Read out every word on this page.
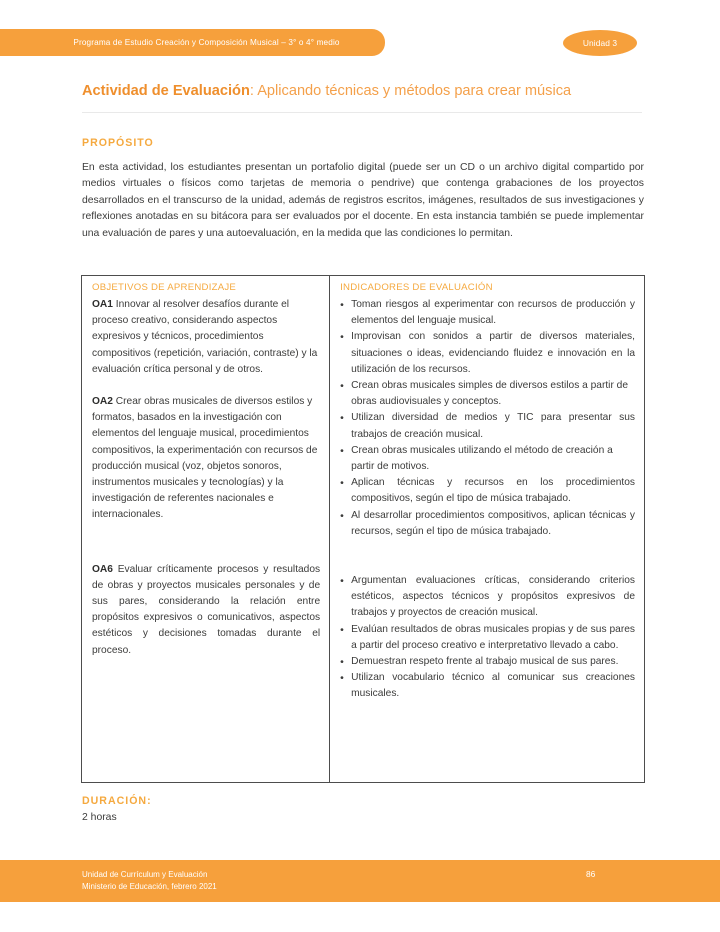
Programa de Estudio Creación y Composición Musical – 3° o 4° medio	Unidad 3
Actividad de Evaluación: Aplicando técnicas y métodos para crear música
PROPÓSITO
En esta actividad, los estudiantes presentan un portafolio digital (puede ser un CD o un archivo digital compartido por medios virtuales o físicos como tarjetas de memoria o pendrive) que contenga grabaciones de los proyectos desarrollados en el transcurso de la unidad, además de registros escritos, imágenes, resultados de sus investigaciones y reflexiones anotadas en su bitácora para ser evaluados por el docente. En esta instancia también se puede implementar una evaluación de pares y una autoevaluación, en la medida que las condiciones lo permitan.
OBJETIVOS DE APRENDIZAJE
OA1 Innovar al resolver desafíos durante el proceso creativo, considerando aspectos expresivos y técnicos, procedimientos compositivos (repetición, variación, contraste) y la evaluación crítica personal y de otros.
OA2 Crear obras musicales de diversos estilos y formatos, basados en la investigación con elementos del lenguaje musical, procedimientos compositivos, la experimentación con recursos de producción musical (voz, objetos sonoros, instrumentos musicales y tecnologías) y la investigación de referentes nacionales e internacionales.
OA6 Evaluar críticamente procesos y resultados de obras y proyectos musicales personales y de sus pares, considerando la relación entre propósitos expresivos o comunicativos, aspectos estéticos y decisiones tomadas durante el proceso.
INDICADORES DE EVALUACIÓN
• Toman riesgos al experimentar con recursos de producción y elementos del lenguaje musical.
• Improvisan con sonidos a partir de diversos materiales, situaciones o ideas, evidenciando fluidez e innovación en la utilización de los recursos.
• Crean obras musicales simples de diversos estilos a partir de obras audiovisuales y conceptos.
• Utilizan diversidad de medios y TIC para presentar sus trabajos de creación musical.
• Crean obras musicales utilizando el método de creación a partir de motivos.
• Aplican técnicas y recursos en los procedimientos compositivos, según el tipo de música trabajado.
• Al desarrollar procedimientos compositivos, aplican técnicas y recursos, según el tipo de música trabajado.
• Argumentan evaluaciones críticas, considerando criterios estéticos, aspectos técnicos y propósitos expresivos de trabajos y proyectos de creación musical.
• Evalúan resultados de obras musicales propias y de sus pares a partir del proceso creativo e interpretativo llevado a cabo.
• Demuestran respeto frente al trabajo musical de sus pares.
• Utilizan vocabulario técnico al comunicar sus creaciones musicales.
DURACIÓN:
2 horas
Unidad de Currículum y Evaluación
Ministerio de Educación, febrero 2021
86
